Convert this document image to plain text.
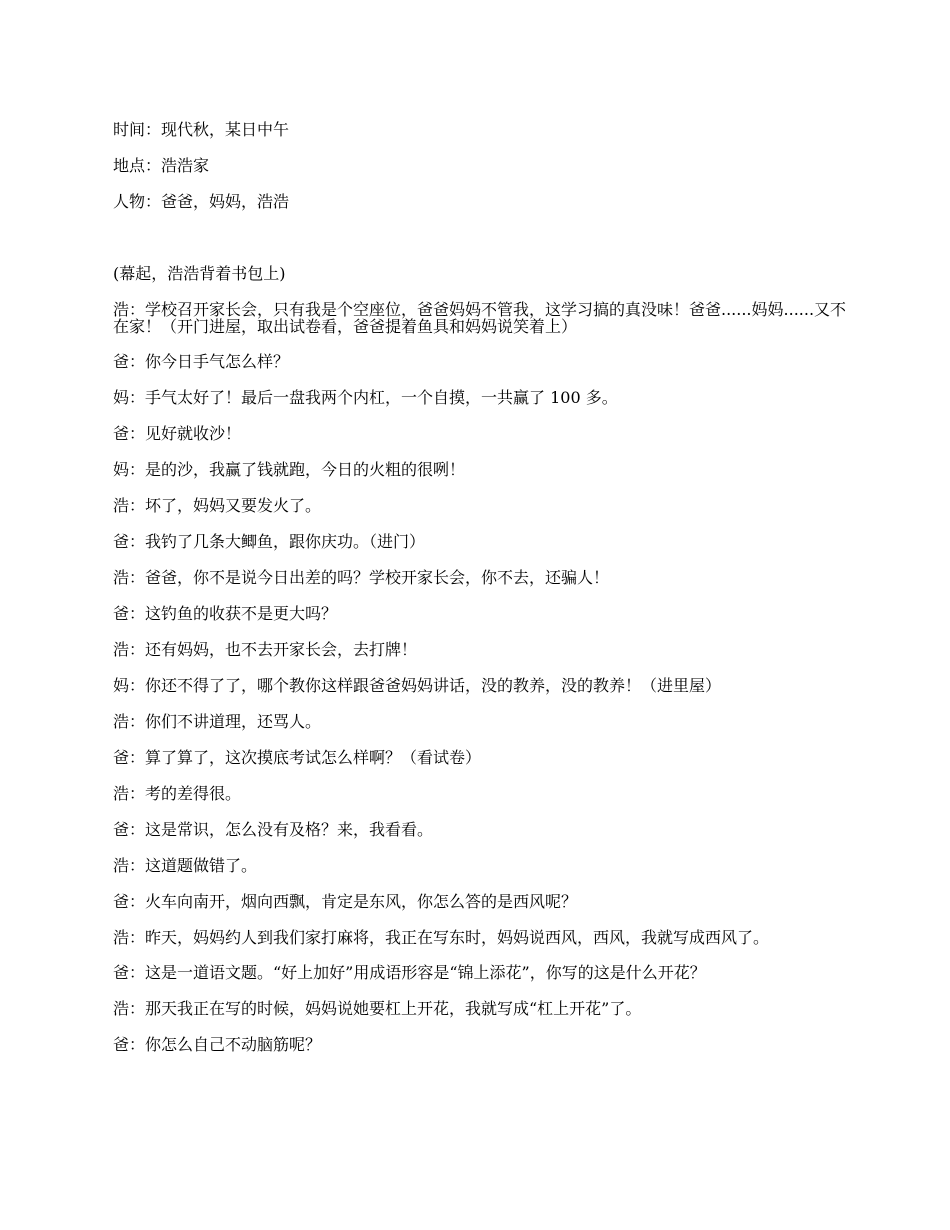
时间：现代秋，某日中午

地点：浩浩家

人物：爸爸，妈妈，浩浩

(幕起，浩浩背着书包上)

浩：学校召开家长会，只有我是个空座位，爸爸妈妈不管我，这学习搞的真没味！爸爸......妈妈......又不在家！（开门进屋，取出试卷看，爸爸提着鱼具和妈妈说笑着上）

爸：你今日手气怎么样？

妈：手气太好了！最后一盘我两个内杠，一个自摸，一共赢了 100 多。

爸：见好就收沙！

妈：是的沙，我赢了钱就跑，今日的火粗的很咧！

浩：坏了，妈妈又要发火了。

爸：我钓了几条大鲫鱼，跟你庆功。（进门）

浩：爸爸，你不是说今日出差的吗？学校开家长会，你不去，还骗人！

爸：这钓鱼的收获不是更大吗？

浩：还有妈妈，也不去开家长会，去打牌！

妈：你还不得了了，哪个教你这样跟爸爸妈妈讲话，没的教养，没的教养！（进里屋）

浩：你们不讲道理，还骂人。

爸：算了算了，这次摸底考试怎么样啊？（看试卷）

浩：考的差得很。

爸：这是常识，怎么没有及格？来，我看看。

浩：这道题做错了。

爸：火车向南开，烟向西飘，肯定是东风，你怎么答的是西风呢？

浩：昨天，妈妈约人到我们家打麻将，我正在写东时，妈妈说西风，西风，我就写成西风了。

爸：这是一道语文题。“好上加好”用成语形容是“锦上添花”，你写的这是什么开花？

浩：那天我正在写的时候，妈妈说她要杠上开花，我就写成“杠上开花”了。

爸：你怎么自己不动脑筋呢？
